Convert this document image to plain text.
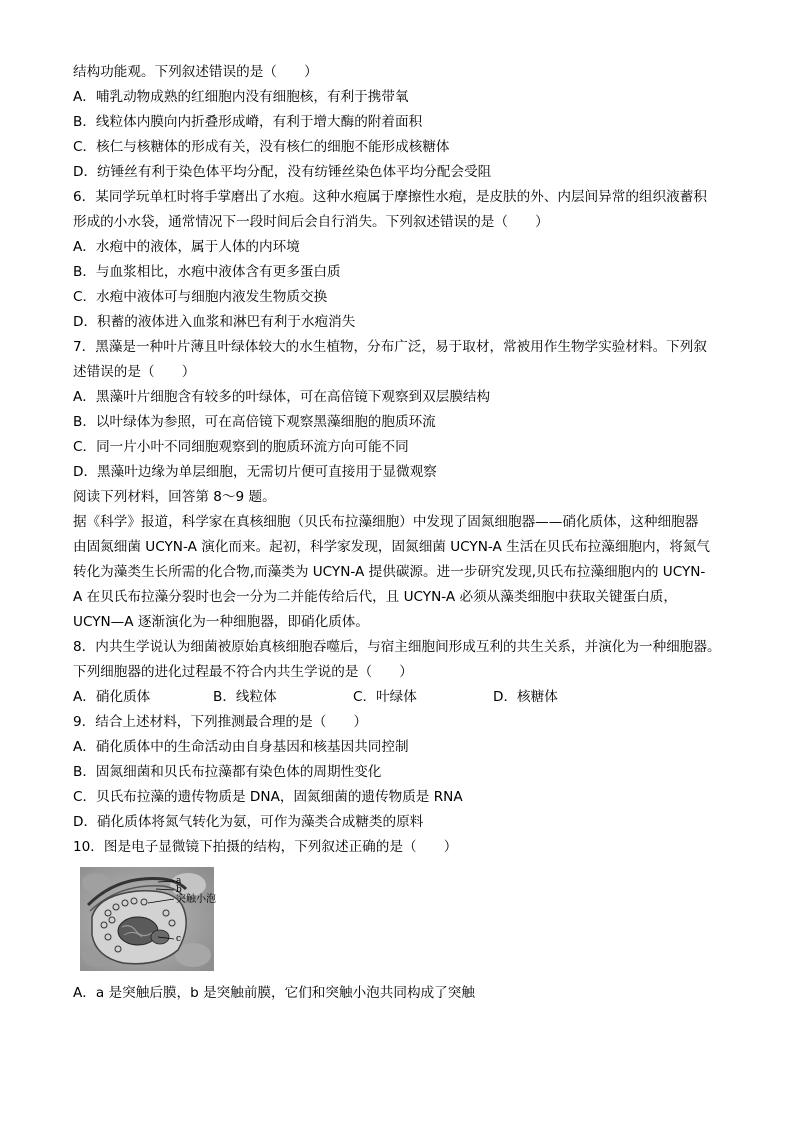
结构功能观。下列叙述错误的是（　　）
A．哺乳动物成熟的红细胞内没有细胞核，有利于携带氧
B．线粒体内膜向内折叠形成嵴，有利于增大酶的附着面积
C．核仁与核糖体的形成有关，没有核仁的细胞不能形成核糖体
D．纺锤丝有利于染色体平均分配，没有纺锤丝染色体平均分配会受阻
6．某同学玩单杠时将手掌磨出了水疱。这种水疱属于摩擦性水疱，是皮肤的外、内层间异常的组织液蓄积
形成的小水袋，通常情况下一段时间后会自行消失。下列叙述错误的是（　　）
A．水疱中的液体，属于人体的内环境
B．与血浆相比，水疱中液体含有更多蛋白质
C．水疱中液体可与细胞内液发生物质交换
D．积蓄的液体进入血浆和淋巴有利于水疱消失
7．黑藻是一种叶片薄且叶绿体较大的水生植物，分布广泛，易于取材，常被用作生物学实验材料。下列叙
述错误的是（　　）
A．黑藻叶片细胞含有较多的叶绿体，可在高倍镜下观察到双层膜结构
B．以叶绿体为参照，可在高倍镜下观察黑藻细胞的胞质环流
C．同一片小叶不同细胞观察到的胞质环流方向可能不同
D．黑藻叶边缘为单层细胞，无需切片便可直接用于显微观察
阅读下列材料，回答第 8～9 题。
据《科学》报道，科学家在真核细胞（贝氏布拉藻细胞）中发现了固氮细胞器——硝化质体，这种细胞器
由固氮细菌 UCYN-A 演化而来。起初，科学家发现，固氮细菌 UCYN-A 生活在贝氏布拉藻细胞内，将氮气
转化为藻类生长所需的化合物,而藻类为 UCYN-A 提供碳源。进一步研究发现,贝氏布拉藻细胞内的 UCYN-
A 在贝氏布拉藻分裂时也会一分为二并能传给后代，且 UCYN-A 必须从藻类细胞中获取关键蛋白质，
UCYN—A 逐渐演化为一种细胞器，即硝化质体。
8．内共生学说认为细菌被原始真核细胞吞噬后，与宿主细胞间形成互利的共生关系，并演化为一种细胞器。
下列细胞器的进化过程最不符合内共生学说的是（　　）
A．硝化质体	B．线粒体	C．叶绿体	D．核糖体
9．结合上述材料，下列推测最合理的是（　　）
A．硝化质体中的生命活动由自身基因和核基因共同控制
B．固氮细菌和贝氏布拉藻都有染色体的周期性变化
C．贝氏布拉藻的遗传物质是 DNA，固氮细菌的遗传物质是 RNA
D．硝化质体将氮气转化为氨，可作为藻类合成糖类的原料
10．图是电子显微镜下拍摄的结构，下列叙述正确的是（　　）
a
b
突触小泡
c
A．a 是突触后膜，b 是突触前膜，它们和突触小泡共同构成了突触
